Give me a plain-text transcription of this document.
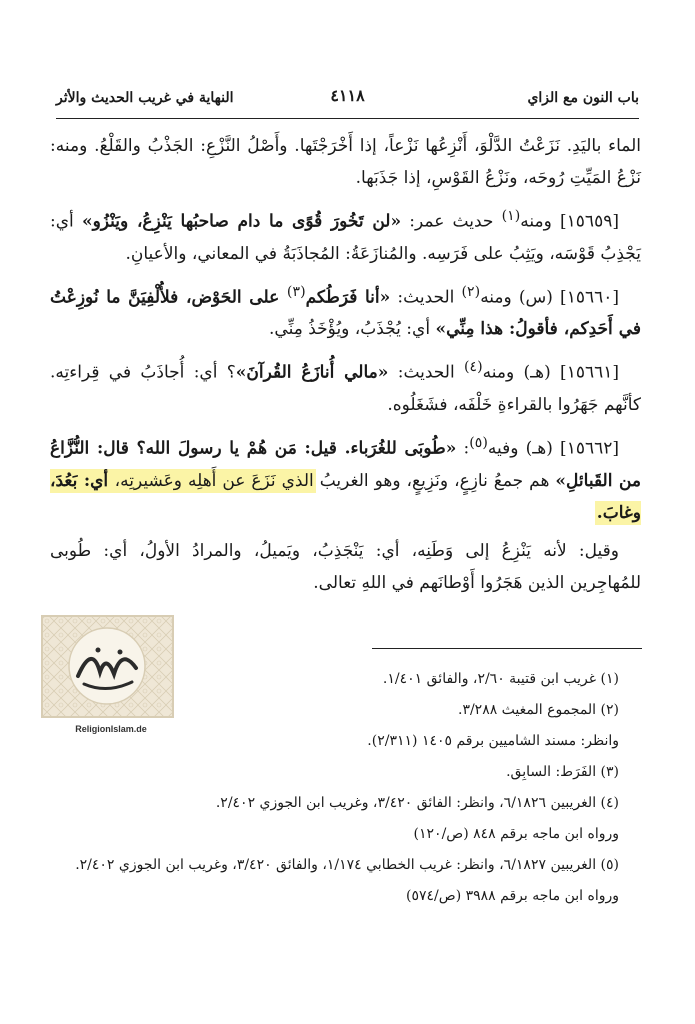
باب النون مع الزاي
٤١١٨
النهاية في غريب الحديث والأثر

الماء باليَدِ. نَزَعْتُ الدَّلْوَ، أَنْزِعُها نَزْعاً، إذا أَخْرَجْتَها. وأَصْلُ النَّزْعِ: الجَذْبُ والقَلْعُ. ومنه: نَزْعُ المَيِّتِ رُوحَه، ونَزْعُ القَوْسِ، إذا جَذَبَها.

[١٥٦٥٩] ومنه$^{(١)}$ حديث عمر: «لن تَخُورَ قُوًى ما دام صاحبُها يَنْزِعُ، ويَنْزُو» أي: يَجْذِبُ قَوْسَه، ويَثِبُ على فَرَسِه. والمُنازَعَةُ: المُجاذَبَةُ في المعاني، والأعيانِ.

[١٥٦٦٠] (س) ومنه$^{(٢)}$ الحديث: «أنا فَرَطُكم$^{(٣)}$ على الحَوْض، فلأُلْفِيَنَّ ما نُوزِعْتُ في أَحَدِكم، فأقولُ: هذا مِنِّي» أي: يُجْذَبُ، ويُؤْخَذُ مِنِّي.

[١٥٦٦١] (هـ) ومنه$^{(٤)}$ الحديث: «مالي أُنازَعُ القُرآنَ»؟ أي: أُجاذَبُ في قِراءتِه. كأنَّهم جَهَرُوا بالقراءةِ خَلْفَه، فشَغَلُوه.

[١٥٦٦٢] (هـ) وفيه$^{(٥)}$: «طُوبَى للغُرَباء. قيل: مَن هُمْ يا رسولَ الله؟ قال: النُّزَّاعُ من القَبائلِ» هم جمعُ نازِعٍ، ونَزِيعٍ، وهو الغريبُ الذي نَزَعَ عن أَهلِه وعَشيرتِه، أي: بَعُدَ، وغابَ.

وقيل: لأنه يَنْزِعُ إلى وَطَنِه، أي: يَنْجَذِبُ، ويَميلُ، والمرادُ الأولُ، أي: طُوبى للمُهاجِرين الذين هَجَرُوا أَوْطانَهم في اللهِ تعالى.

(١) غريب ابن قتيبة ٢/٦٠، والفائق ١/٤٠١.

(٢) المجموع المغيث ٣/٢٨٨.

وانظر: مسند الشاميين برقم ١٤٠٥ (٢/٣١١).

(٣) الفَرَط: السابِق.

(٤) الغريبين ٦/١٨٢٦، وانظر: الفائق ٣/٤٢٠، وغريب ابن الجوزي ٢/٤٠٢.

ورواه ابن ماجه برقم ٨٤٨ (ص/١٢٠)

(٥) الغريبين ٦/١٨٢٧، وانظر: غريب الخطابي ١/١٧٤، والفائق ٣/٤٢٠، وغريب ابن الجوزي ٢/٤٠٢.

ورواه ابن ماجه برقم ٣٩٨٨ (ص/٥٧٤)

ReligionIslam.de
